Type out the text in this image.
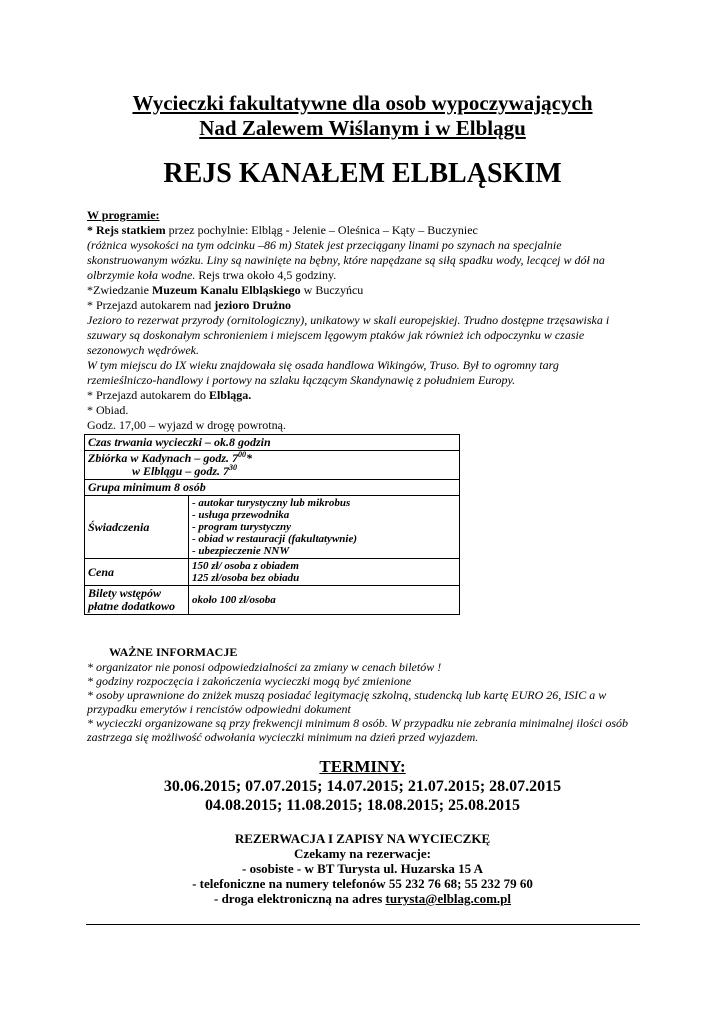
Wycieczki fakultatywne dla osob wypoczywających
Nad Zalewem Wiślanym i w Elblągu
REJS KANAŁEM ELBLĄSKIM
W programie:
* Rejs statkiem przez pochylnie: Elbląg - Jelenie – Oleśnica – Kąty – Buczyniec
(różnica wysokości na tym odcinku –86 m) Statek jest przeciągany linami po szynach na specjalnie
skonstruowanym wózku. Liny są nawinięte na bębny, które napędzane są siłą spadku wody, lecącej w dół na
olbrzymie koła wodne. Rejs trwa około 4,5 godziny.
*Zwiedzanie Muzeum Kanalu Elbląskiego w Buczyńcu
* Przejazd autokarem nad jezioro Drużno
Jezioro to rezerwat przyrody (ornitologiczny), unikatowy w skali europejskiej. Trudno dostępne trzęsawiska i
szuwary są doskonałym schronieniem i miejscem lęgowym ptaków jak również ich odpoczynku w czasie
sezonowych wędrówek.
W tym miejscu do IX wieku znajdowała się osada handlowa Wikingów, Truso. Był to ogromny targ
rzemieślniczo-handlowy i portowy na szlaku łączącym Skandynawię z południem Europy.
* Przejazd autokarem do Elbląga.
* Obiad.
Godz. 17,00 – wyjazd w drogę powrotną.
Czas trwania wycieczki – ok.8 godzin	

Zbiórka w Kadynach – godz. $7^{00}*$
w Elblągu – godz. $7^{30}$

Grupa minimum 8 osób	
Świadczenia	- autokar turystyczny lub mikrobus
- usługa przewodnika
- program turystyczny
- obiad w restauracji (fakultatywnie)
- ubezpieczenie NNW

Cena	150 zł/ osoba z obiadem
125 zł/osoba bez obiadu

Bilety wstępów
płatne dodatkowo	około 100 zł/osoba
WAŻNE INFORMACJE
* organizator nie ponosi odpowiedzialności za zmiany w cenach biletów !
* godziny rozpoczęcia i zakończenia wycieczki mogą być zmienione
* osoby uprawnione do zniżek muszą posiadać legitymację szkolną, studencką lub kartę EURO 26, ISIC a w
przypadku emerytów i rencistów odpowiedni dokument
* wycieczki organizowane są przy frekwencji minimum 8 osób. W przypadku nie zebrania minimalnej ilości osób
zastrzega się możliwość odwołania wycieczki minimum na dzień przed wyjazdem.
TERMINY:
30.06.2015; 07.07.2015; 14.07.2015; 21.07.2015; 28.07.2015
04.08.2015; 11.08.2015; 18.08.2015; 25.08.2015
REZERWACJA I ZAPISY NA WYCIECZKĘ
Czekamy na rezerwacje:
- osobiste - w BT Turysta ul. Huzarska 15 A
- telefoniczne na numery telefonów 55 232 76 68; 55 232 79 60
- droga elektroniczną na adres turysta@elblag.com.pl
